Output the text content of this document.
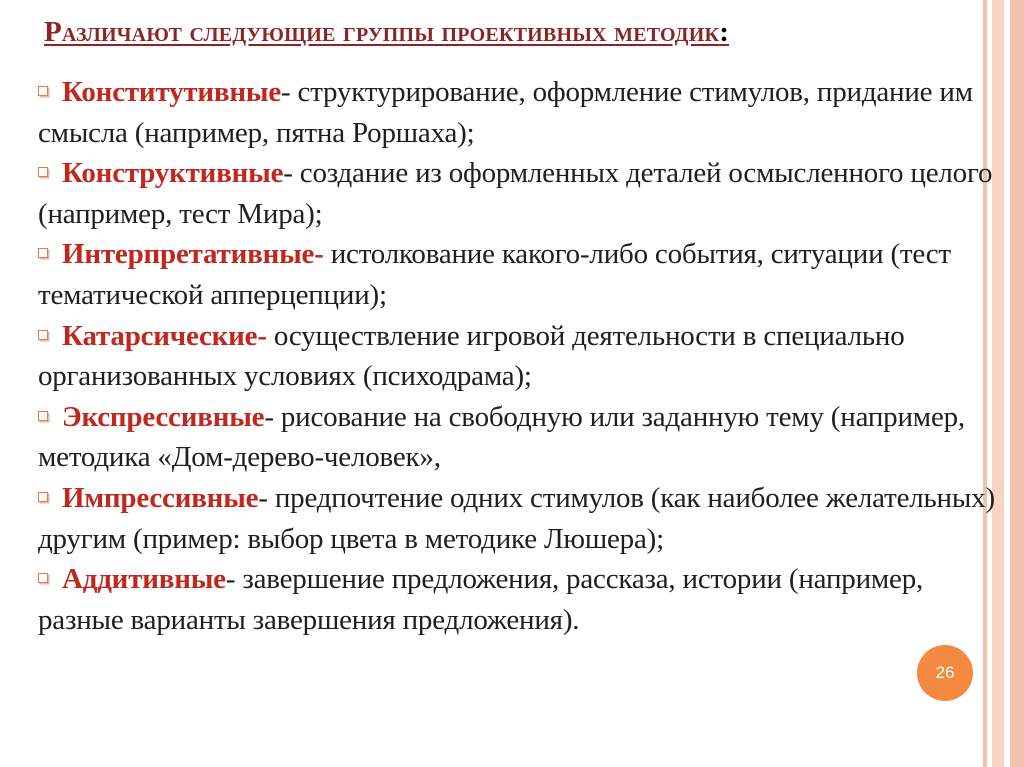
Различают следующие группы проективных методик:
Конститутивные- структурирование, оформление стимулов, придание им смысла (например, пятна Роршаха);
Конструктивные- создание из оформленных деталей осмысленного целого (например, тест Мира);
Интерпретативные- истолкование какого-либо события, ситуации (тест тематической апперцепции);
Катарсические- осуществление игровой деятельности в специально организованных условиях (психодрама);
Экспрессивные- рисование на свободную или заданную тему (например, методика «Дом-дерево-человек»,
Импрессивные- предпочтение одних стимулов (как наиболее желательных) другим (пример: выбор цвета в методике Люшера);
Аддитивные- завершение предложения, рассказа, истории (например, разные варианты завершения предложения).
26
